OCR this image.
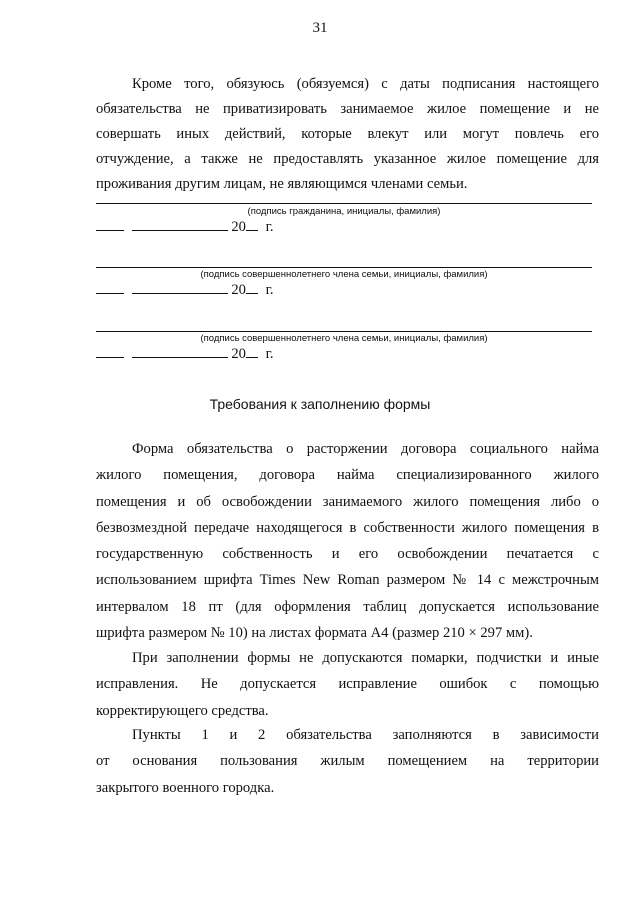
31
Кроме того, обязуюсь (обязуемся) с даты подписания настоящего
обязательства не приватизировать занимаемое жилое помещение и не
совершать иных действий, которые влекут или могут повлечь его
отчуждение, а также не предоставлять указанное жилое помещение для
проживания другим лицам, не являющимся членами семьи.
(подпись гражданина, инициалы, фамилия)
20 г.
(подпись совершеннолетнего члена семьи, инициалы, фамилия)
20 г.
(подпись совершеннолетнего члена семьи, инициалы, фамилия)
20 г.
Требования к заполнению формы
Форма обязательства о расторжении договора социального найма
жилого помещения, договора найма специализированного жилого
помещения и об освобождении занимаемого жилого помещения либо о
безвозмездной передаче находящегося в собственности жилого помещения в
государственную собственность и его освобождении печатается с
использованием шрифта Times New Roman размером № 14 с межстрочным
интервалом 18 пт (для оформления таблиц допускается использование
шрифта размером № 10) на листах формата А4 (размер 210 × 297 мм).
При заполнении формы не допускаются помарки, подчистки и иные
исправления. Не допускается исправление ошибок с помощью
корректирующего средства.
Пункты 1 и 2 обязательства заполняются в зависимости
от основания пользования жилым помещением на территории
закрытого военного городка.
